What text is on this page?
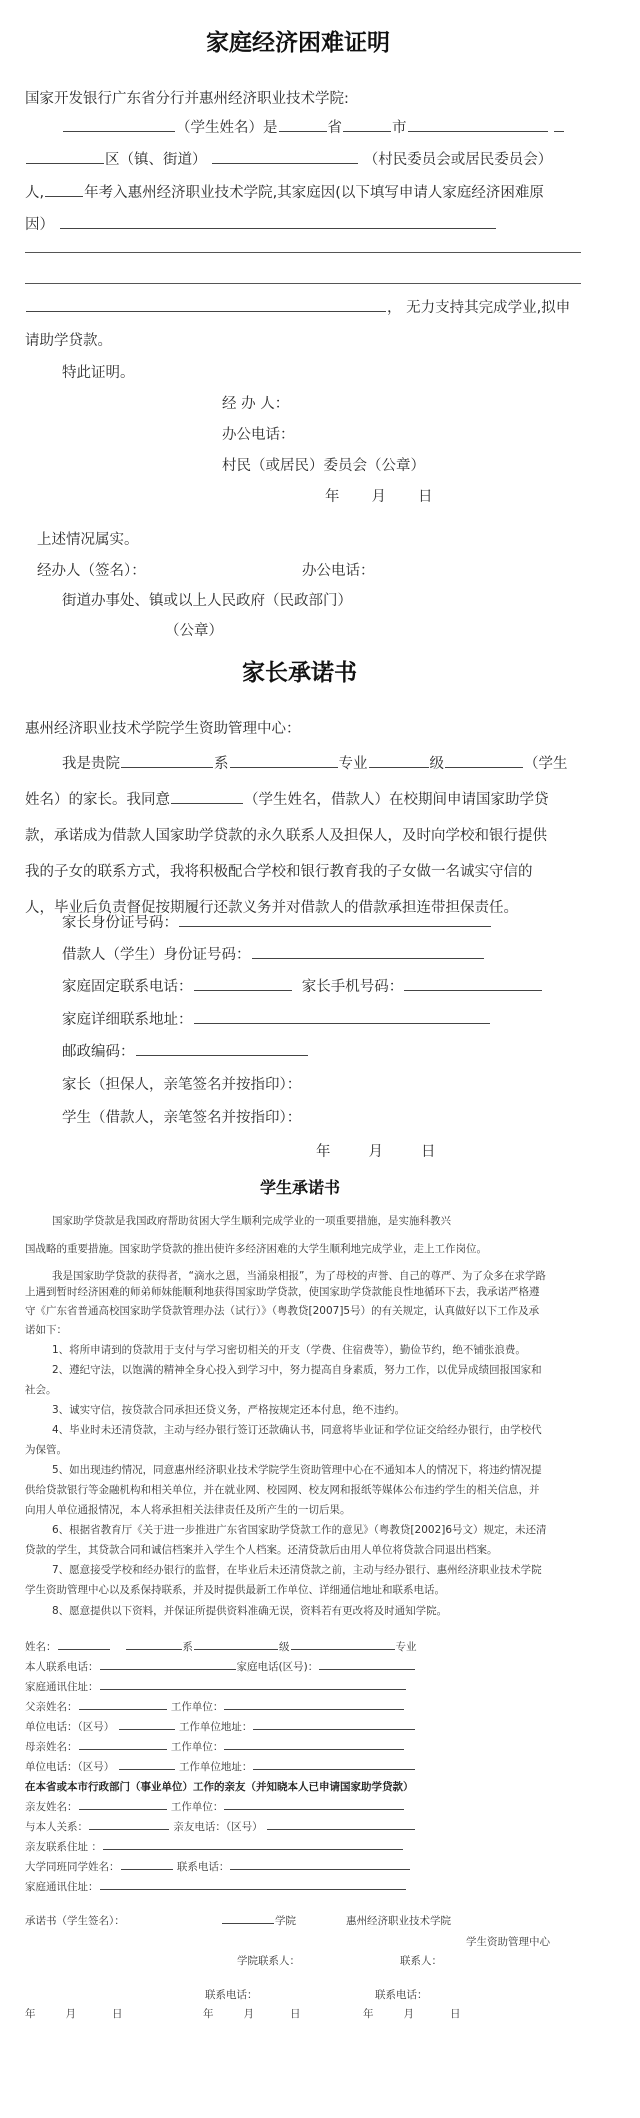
家庭经济困难证明
国家开发银行广东省分行并惠州经济职业技术学院:
（学生姓名）是	省	市
区（镇、街道）	（村民委员会或居民委员会）
人,	年考入惠州经济职业技术学院,其家庭因(以下填写申请人家庭经济困难原
因）
， 无力支持其完成学业,拟申
请助学贷款。
特此证明。
经 办 人：
办公电话：
村民（或居民）委员会（公章）
年 月 日
上述情况属实。
经办人（签名）：	办公电话：
街道办事处、镇或以上人民政府（民政部门）
（公章）
家长承诺书
惠州经济职业技术学院学生资助管理中心：
我是贵院	系	专业	级	（学生
姓名）的家长。我同意	（学生姓名，借款人）在校期间申请国家助学贷
款，承诺成为借款人国家助学贷款的永久联系人及担保人，及时向学校和银行提供
我的子女的联系方式，我将积极配合学校和银行教育我的子女做一名诚实守信的
人，毕业后负责督促按期履行还款义务并对借款人的借款承担连带担保责任。
家长身份证号码：
借款人（学生）身份证号码：
家庭固定联系电话：	家长手机号码：
家庭详细联系地址：
邮政编码：
家长（担保人，亲笔签名并按指印）：
学生（借款人，亲笔签名并按指印）：
年	月	日
学生承诺书
国家助学贷款是我国政府帮助贫困大学生顺利完成学业的一项重要措施，是实施科教兴
国战略的重要措施。国家助学贷款的推出使许多经济困难的大学生顺利地完成学业，走上工作岗位。
我是国家助学贷款的获得者，“滴水之恩，当涌泉相报”，为了母校的声誉、自己的尊严、为了众多在求学路
上遇到暂时经济困难的师弟师妹能顺利地获得国家助学贷款，使国家助学贷款能良性地循环下去，我承诺严格遵
守《广东省普通高校国家助学贷款管理办法（试行）》（粤教贷[2007]5号）的有关规定，认真做好以下工作及承
诺如下：
1、将所申请到的贷款用于支付与学习密切相关的开支（学费、住宿费等），勤俭节约，绝不铺张浪费。
2、遵纪守法，以饱满的精神全身心投入到学习中，努力提高自身素质，努力工作，以优异成绩回报国家和
社会。
3、诚实守信，按贷款合同承担还贷义务，严格按规定还本付息，绝不违约。
4、毕业时未还清贷款，主动与经办银行签订还款确认书，同意将毕业证和学位证交给经办银行，由学校代
为保管。
5、如出现违约情况，同意惠州经济职业技术学院学生资助管理中心在不通知本人的情况下，将违约情况提
供给贷款银行等金融机构和相关单位，并在就业网、校园网、校友网和报纸等媒体公布违约学生的相关信息，并
向用人单位通报情况，本人将承担相关法律责任及所产生的一切后果。
6、根据省教育厅《关于进一步推进广东省国家助学贷款工作的意见》（粤教贷[2002]6号文）规定，未还清
贷款的学生，其贷款合同和诚信档案并入学生个人档案。还清贷款后由用人单位将贷款合同退出档案。
7、愿意接受学校和经办银行的监督，在毕业后未还清贷款之前，主动与经办银行、惠州经济职业技术学院
学生资助管理中心以及系保持联系，并及时提供最新工作单位、详细通信地址和联系电话。
8、愿意提供以下资料，并保证所提供资料准确无误，资料若有更改将及时通知学院。
姓名：	系	级	专业
本人联系电话：	家庭电话(区号)：
家庭通讯住址：
父亲姓名：	工作单位：
单位电话：（区号）	工作单位地址：
母亲姓名：	工作单位：
单位电话：（区号）	工作单位地址：
在本省或本市行政部门（事业单位）工作的亲友（并知晓本人已申请国家助学贷款）
亲友姓名：	工作单位：
与本人关系：	亲友电话：（区号）
亲友联系住址 ：
大学同班同学姓名：	联系电话：
家庭通讯住址：
承诺书（学生签名）：	学院	惠州经济职业技术学院
学生资助管理中心
学院联系人：	联系人：
联系电话：	联系电话：
年	月	日	年	月	日	年	月	日
